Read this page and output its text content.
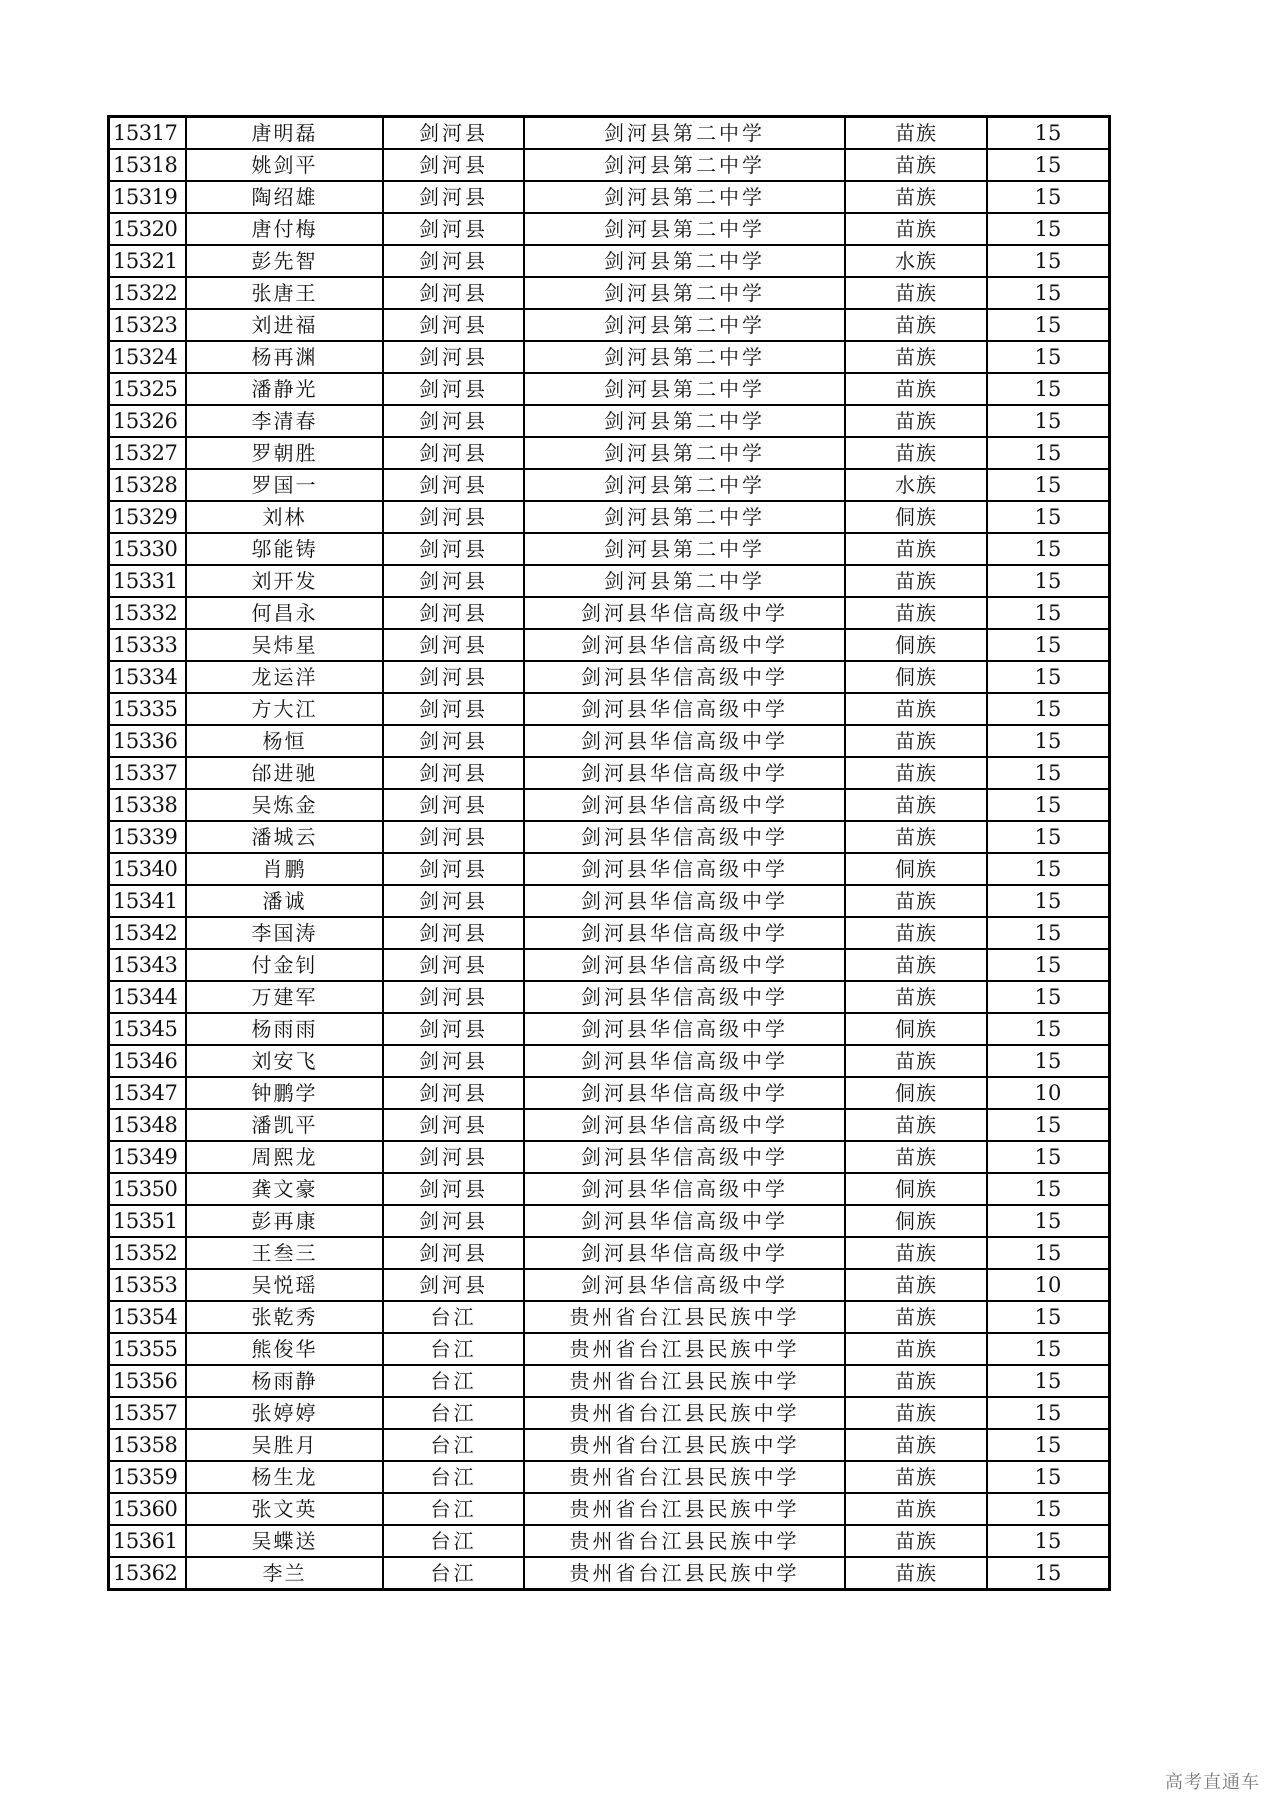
15317	唐明磊	剑河县	剑河县第二中学	苗族	15
15318	姚剑平	剑河县	剑河县第二中学	苗族	15
15319	陶绍雄	剑河县	剑河县第二中学	苗族	15
15320	唐付梅	剑河县	剑河县第二中学	苗族	15
15321	彭先智	剑河县	剑河县第二中学	水族	15
15322	张唐王	剑河县	剑河县第二中学	苗族	15
15323	刘进福	剑河县	剑河县第二中学	苗族	15
15324	杨再渊	剑河县	剑河县第二中学	苗族	15
15325	潘静光	剑河县	剑河县第二中学	苗族	15
15326	李清春	剑河县	剑河县第二中学	苗族	15
15327	罗朝胜	剑河县	剑河县第二中学	苗族	15
15328	罗国一	剑河县	剑河县第二中学	水族	15
15329	刘林	剑河县	剑河县第二中学	侗族	15
15330	邬能铸	剑河县	剑河县第二中学	苗族	15
15331	刘开发	剑河县	剑河县第二中学	苗族	15
15332	何昌永	剑河县	剑河县华信高级中学	苗族	15
15333	吴炜星	剑河县	剑河县华信高级中学	侗族	15
15334	龙运洋	剑河县	剑河县华信高级中学	侗族	15
15335	方大江	剑河县	剑河县华信高级中学	苗族	15
15336	杨恒	剑河县	剑河县华信高级中学	苗族	15
15337	邰进驰	剑河县	剑河县华信高级中学	苗族	15
15338	吴炼金	剑河县	剑河县华信高级中学	苗族	15
15339	潘城云	剑河县	剑河县华信高级中学	苗族	15
15340	肖鹏	剑河县	剑河县华信高级中学	侗族	15
15341	潘诚	剑河县	剑河县华信高级中学	苗族	15
15342	李国涛	剑河县	剑河县华信高级中学	苗族	15
15343	付金钊	剑河县	剑河县华信高级中学	苗族	15
15344	万建军	剑河县	剑河县华信高级中学	苗族	15
15345	杨雨雨	剑河县	剑河县华信高级中学	侗族	15
15346	刘安飞	剑河县	剑河县华信高级中学	苗族	15
15347	钟鹏学	剑河县	剑河县华信高级中学	侗族	10
15348	潘凯平	剑河县	剑河县华信高级中学	苗族	15
15349	周熙龙	剑河县	剑河县华信高级中学	苗族	15
15350	龚文豪	剑河县	剑河县华信高级中学	侗族	15
15351	彭再康	剑河县	剑河县华信高级中学	侗族	15
15352	王叁三	剑河县	剑河县华信高级中学	苗族	15
15353	吴悦瑶	剑河县	剑河县华信高级中学	苗族	10
15354	张乾秀	台江	贵州省台江县民族中学	苗族	15
15355	熊俊华	台江	贵州省台江县民族中学	苗族	15
15356	杨雨静	台江	贵州省台江县民族中学	苗族	15
15357	张婷婷	台江	贵州省台江县民族中学	苗族	15
15358	吴胜月	台江	贵州省台江县民族中学	苗族	15
15359	杨生龙	台江	贵州省台江县民族中学	苗族	15
15360	张文英	台江	贵州省台江县民族中学	苗族	15
15361	吴蝶送	台江	贵州省台江县民族中学	苗族	15
15362	李兰	台江	贵州省台江县民族中学	苗族	15
高考直通车
